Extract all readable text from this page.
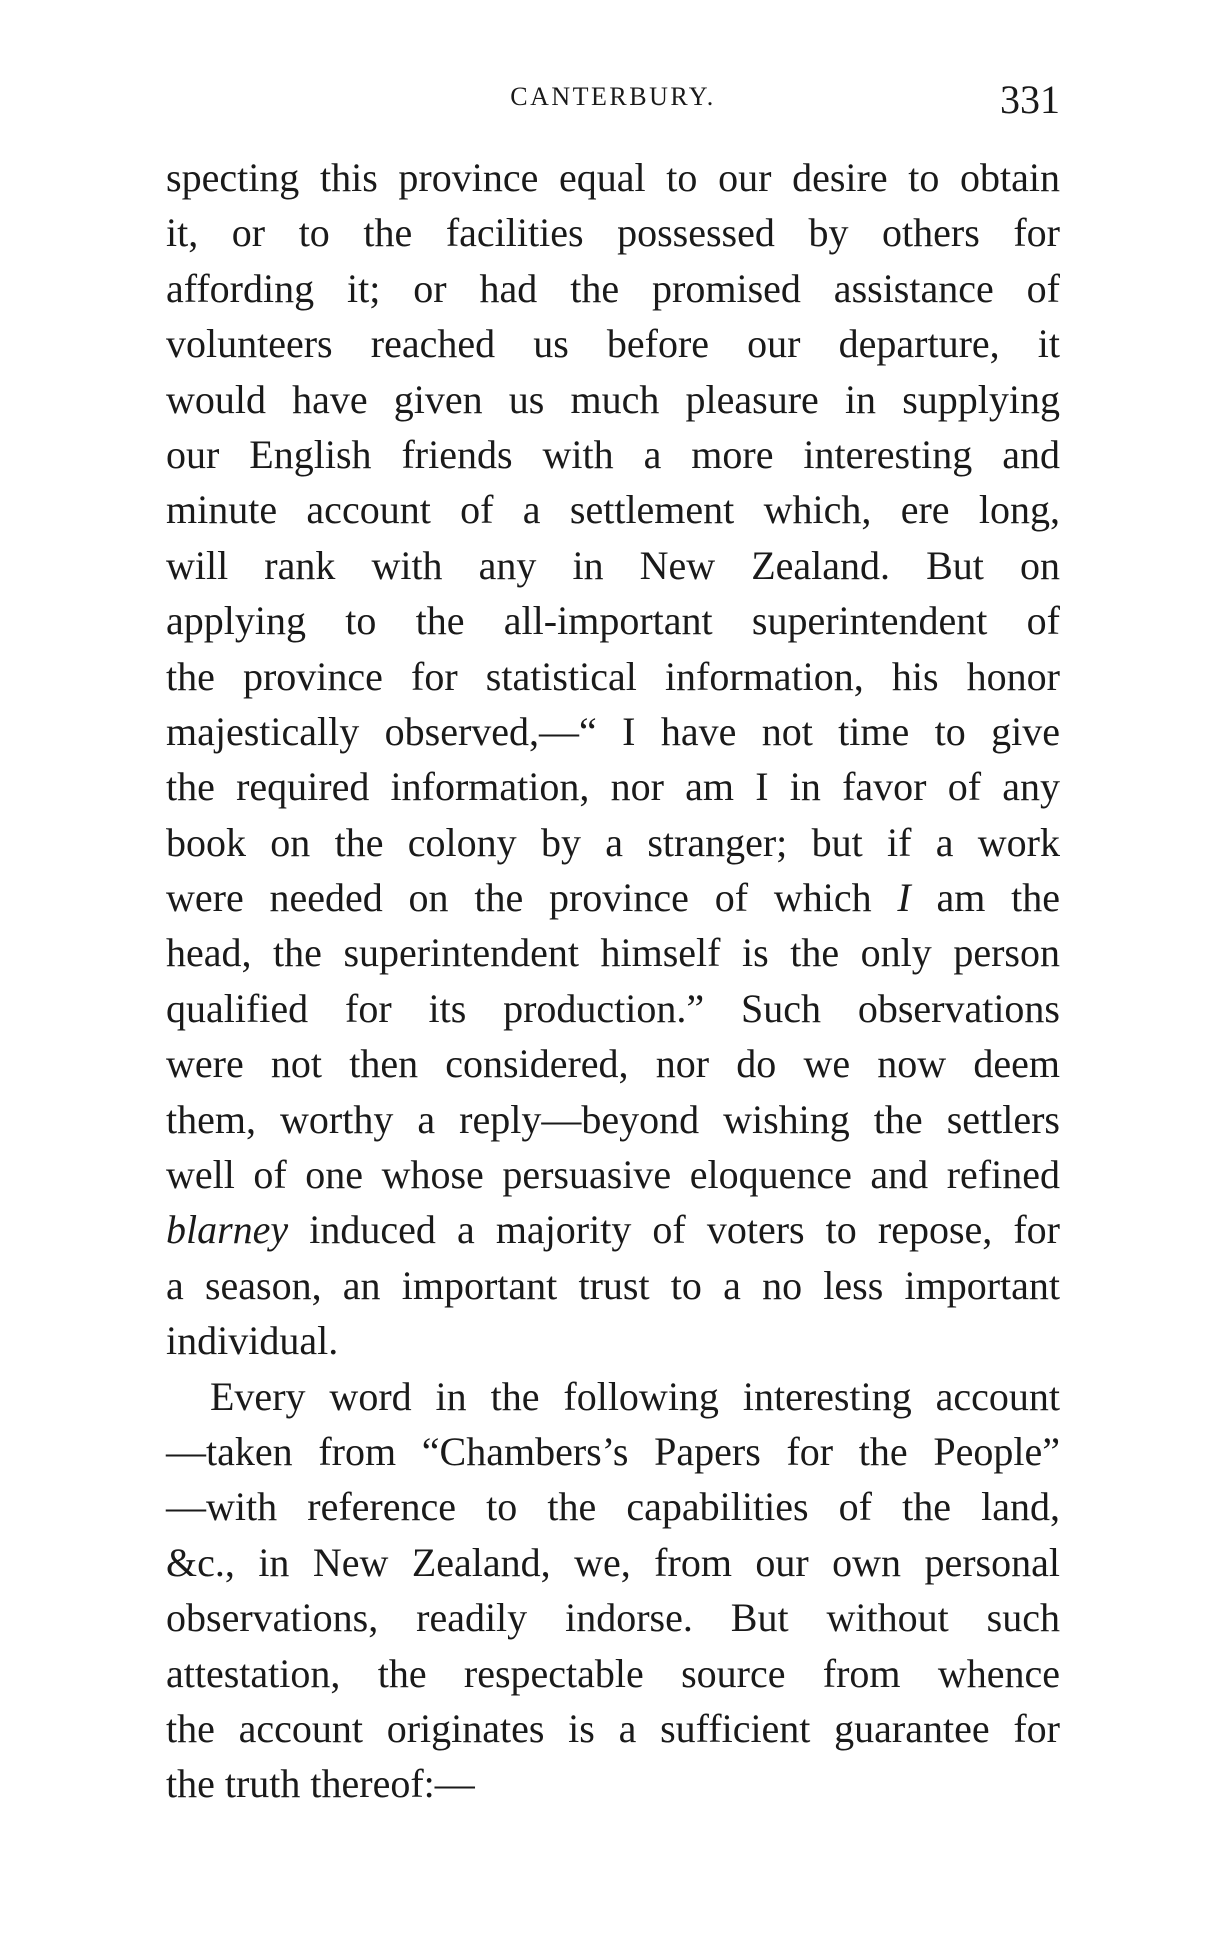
CANTERBURY.	331
specting this province equal to our desire to obtain
it, or to the facilities possessed by others for
affording it; or had the promised assistance of
volunteers reached us before our departure, it
would have given us much pleasure in supplying
our English friends with a more interesting and
minute account of a settlement which, ere long,
will rank with any in New Zealand. But on
applying to the all-important superintendent of
the province for statistical information, his honor
majestically observed,—“ I have not time to give
the required information, nor am I in favor of any
book on the colony by a stranger; but if a work
were needed on the province of which I am the
head, the superintendent himself is the only person
qualified for its production.” Such observations
were not then considered, nor do we now deem
them, worthy a reply—beyond wishing the settlers
well of one whose persuasive eloquence and refined
blarney induced a majority of voters to repose, for
a season, an important trust to a no less important
individual.
Every word in the following interesting account
—taken from “Chambers’s Papers for the People”
—with reference to the capabilities of the land,
&c., in New Zealand, we, from our own personal
observations, readily indorse. But without such
attestation, the respectable source from whence
the account originates is a sufficient guarantee for
the truth thereof:—
